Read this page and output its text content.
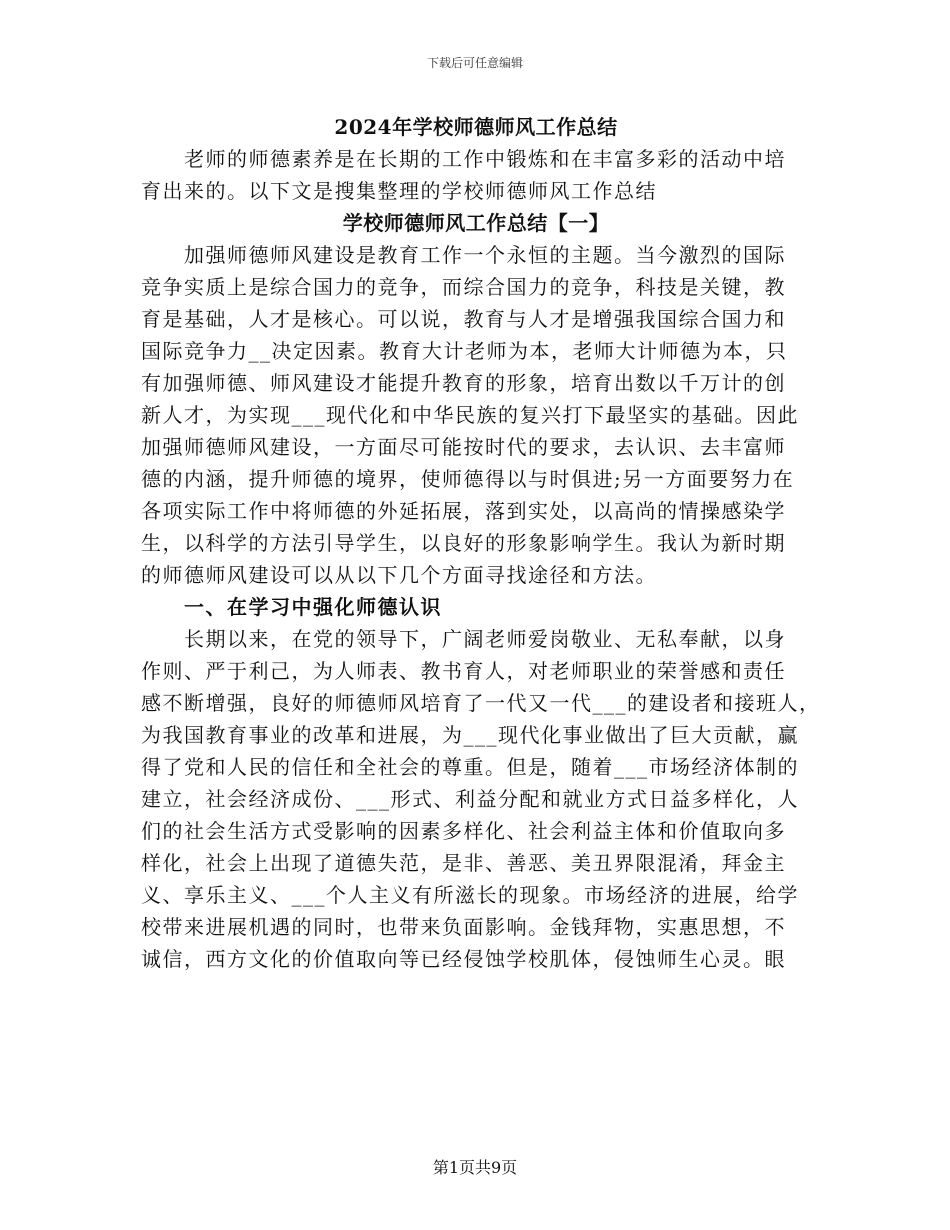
下载后可任意编辑

2024年学校师德师风工作总结

老师的师德素养是在长期的工作中锻炼和在丰富多彩的活动中培

育出来的。以下文是搜集整理的学校师德师风工作总结

学校师德师风工作总结【一】

加强师德师风建设是教育工作一个永恒的主题。当今激烈的国际

竞争实质上是综合国力的竞争，而综合国力的竞争，科技是关键，教

育是基础，人才是核心。可以说，教育与人才是增强我国综合国力和

国际竞争力__决定因素。教育大计老师为本，老师大计师德为本，只

有加强师德、师风建设才能提升教育的形象，培育出数以千万计的创

新人才，为实现___现代化和中华民族的复兴打下最坚实的基础。因此

加强师德师风建设，一方面尽可能按时代的要求，去认识、去丰富师

德的内涵，提升师德的境界，使师德得以与时俱进;另一方面要努力在

各项实际工作中将师德的外延拓展，落到实处，以高尚的情操感染学

生，以科学的方法引导学生，以良好的形象影响学生。我认为新时期

的师德师风建设可以从以下几个方面寻找途径和方法。

一、在学习中强化师德认识

长期以来，在党的领导下，广阔老师爱岗敬业、无私奉献，以身

作则、严于利己，为人师表、教书育人，对老师职业的荣誉感和责任

感不断增强，良好的师德师风培育了一代又一代___的建设者和接班人，

为我国教育事业的改革和进展，为___现代化事业做出了巨大贡献，赢

得了党和人民的信任和全社会的尊重。但是，随着___市场经济体制的

建立，社会经济成份、___形式、利益分配和就业方式日益多样化，人

们的社会生活方式受影响的因素多样化、社会利益主体和价值取向多

样化，社会上出现了道德失范，是非、善恶、美丑界限混淆，拜金主

义、享乐主义、___个人主义有所滋长的现象。市场经济的进展，给学

校带来进展机遇的同时，也带来负面影响。金钱拜物，实惠思想，不

诚信，西方文化的价值取向等已经侵蚀学校肌体，侵蚀师生心灵。眼

第1页共9页
